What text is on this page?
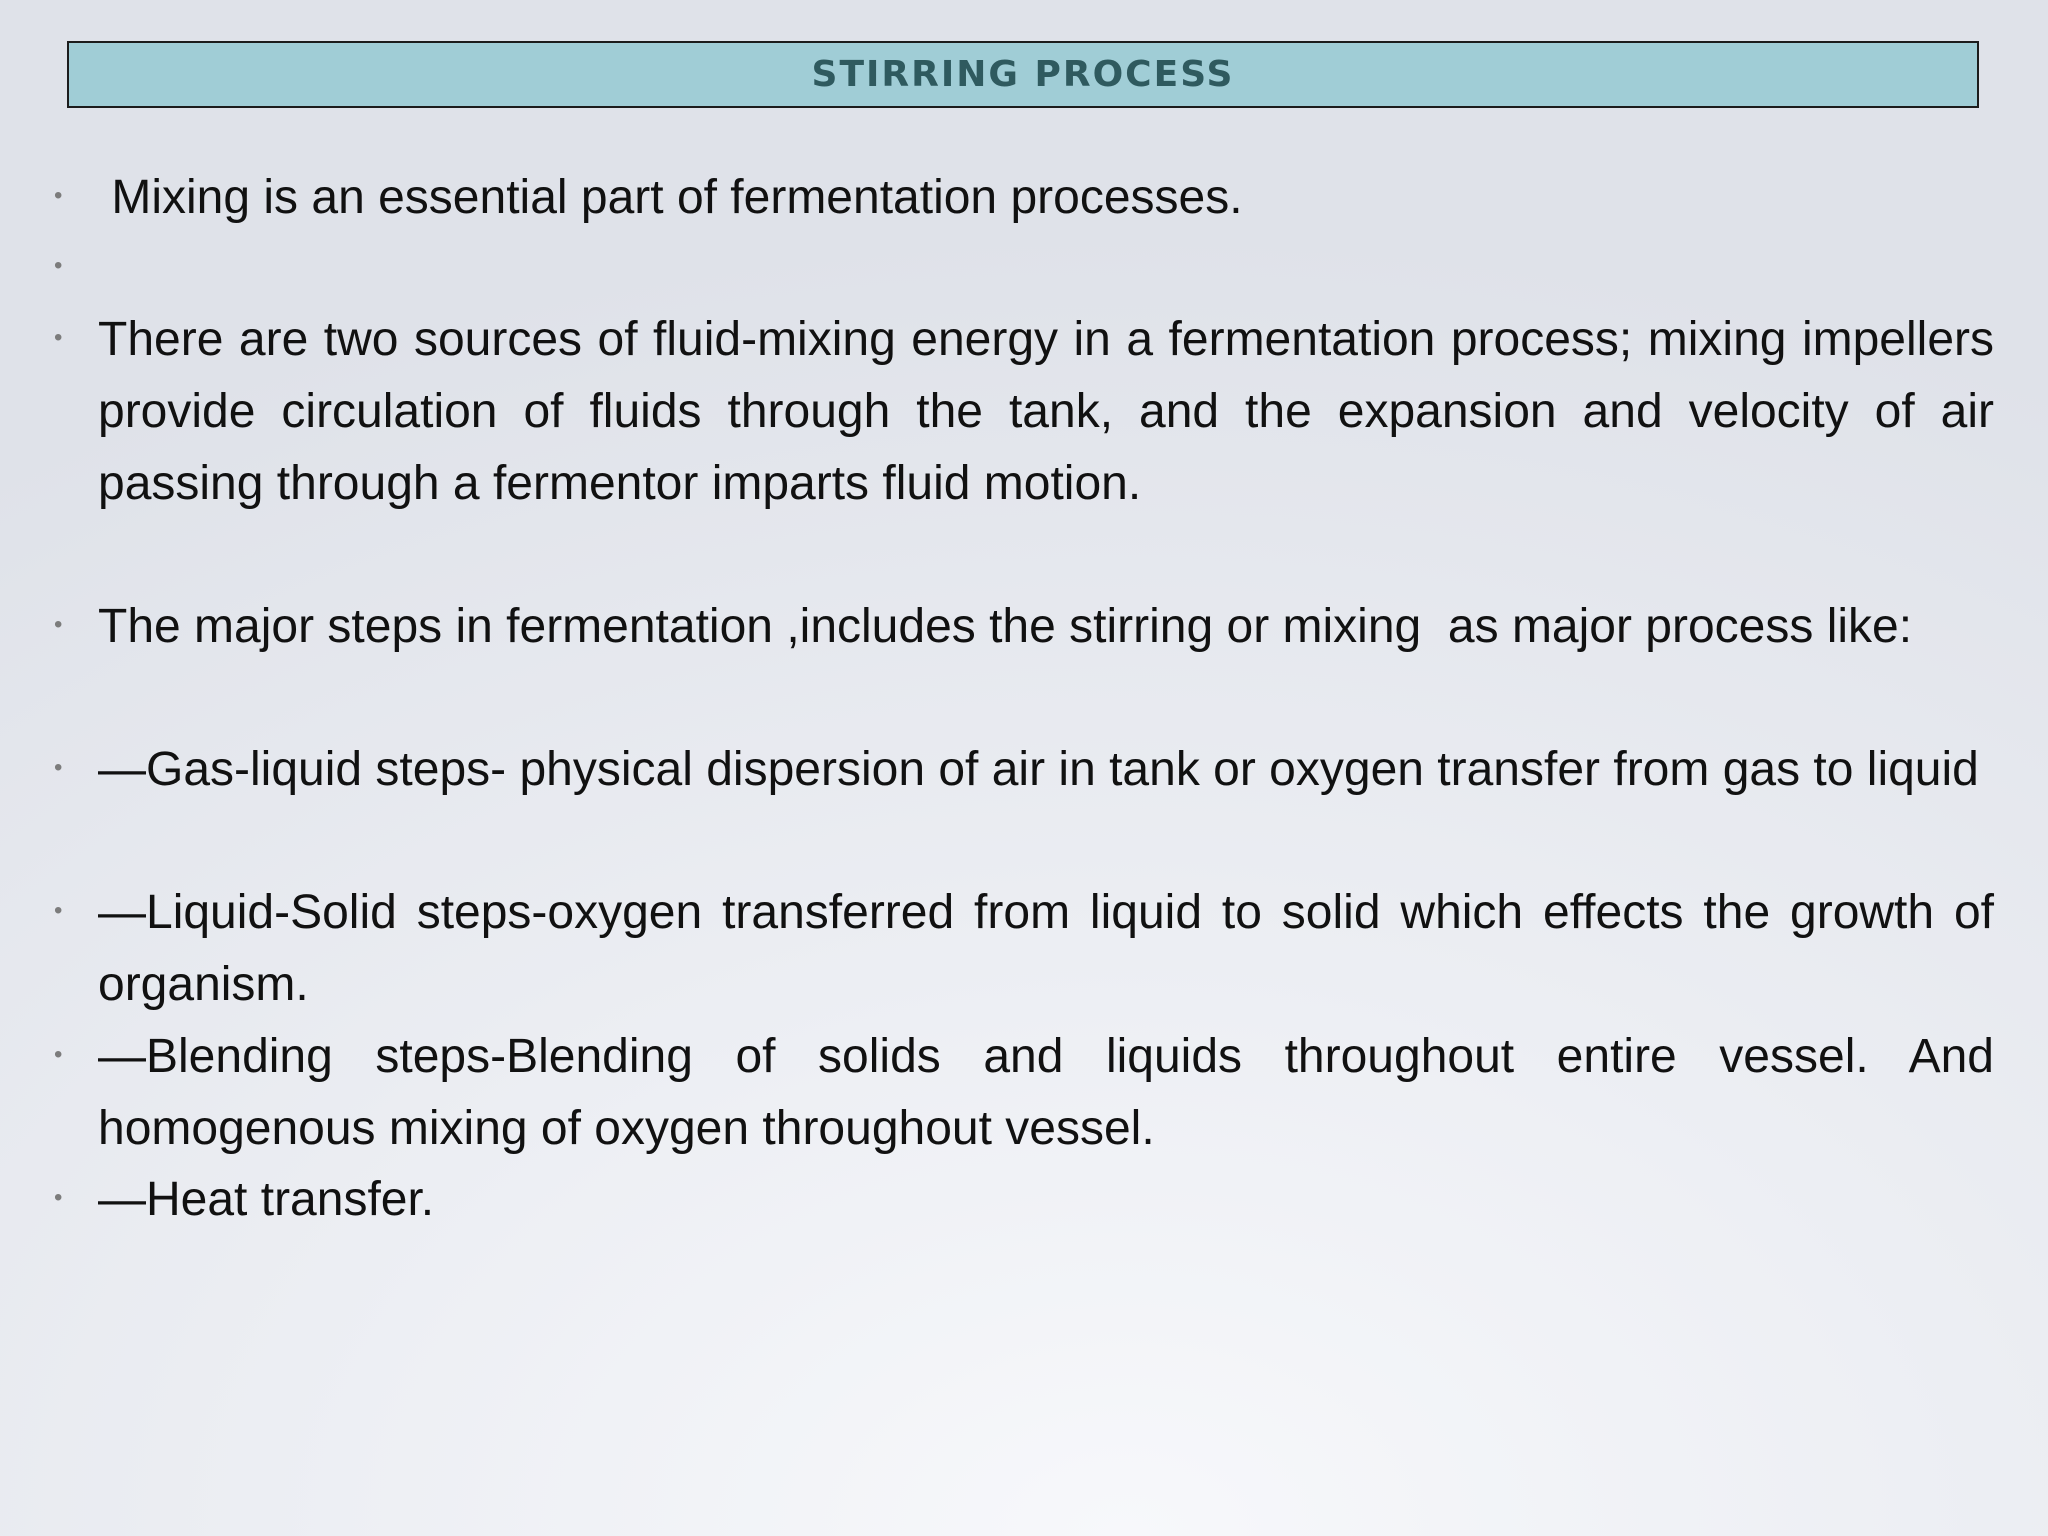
STIRRING PROCESS
• Mixing is an essential part of fermentation processes.
•
• There are two sources of fluid-mixing energy in a fermentation process; mixing impellers provide circulation of fluids through the tank, and the expansion and velocity of air passing through a fermentor imparts fluid motion.
• The major steps in fermentation ,includes the stirring or mixing  as major process like:
• —Gas-liquid steps- physical dispersion of air in tank or oxygen transfer from gas to liquid
• —Liquid-Solid steps-oxygen transferred from liquid to solid which effects the growth of organism.
• —Blending steps-Blending of solids and liquids throughout entire vessel. And homogenous mixing of oxygen throughout vessel.
• —Heat transfer.
